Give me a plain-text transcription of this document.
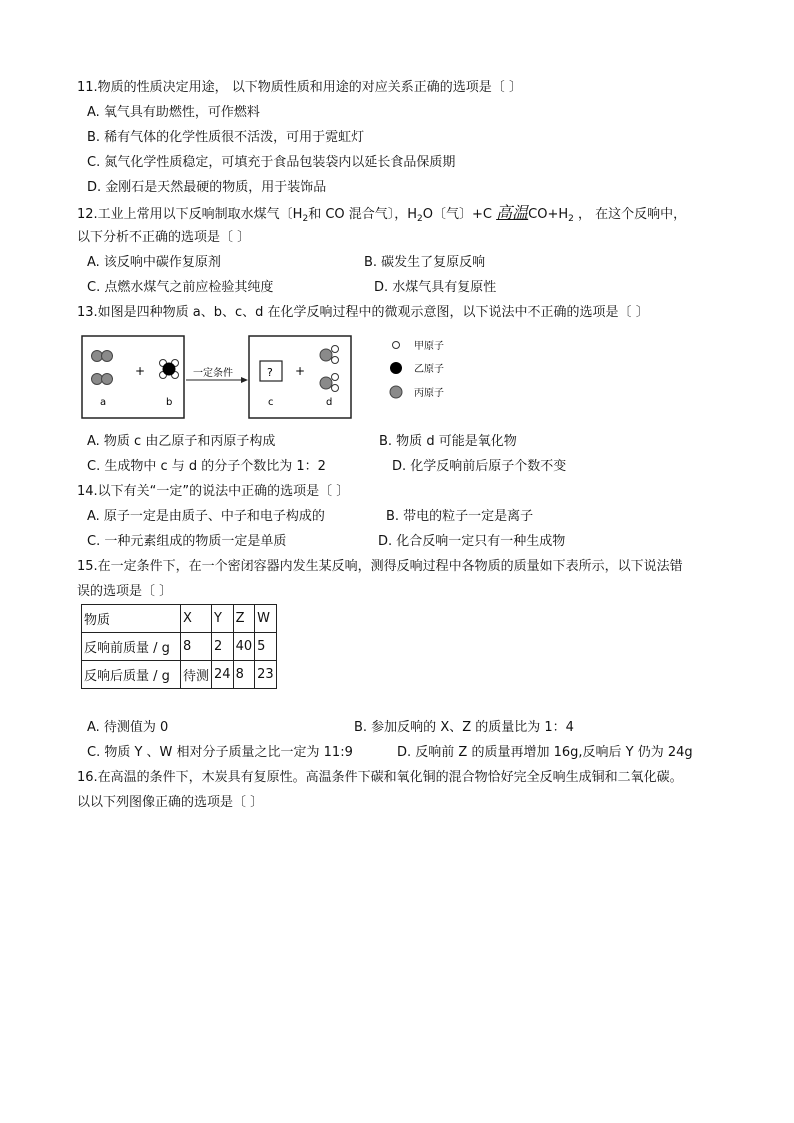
11.物质的性质决定用途， 以下物质性质和用途的对应关系正确的选项是〔 〕
A. 氧气具有助燃性，可作燃料
B. 稀有气体的化学性质很不活泼，可用于霓虹灯
C. 氮气化学性质稳定，可填充于食品包装袋内以延长食品保质期
D. 金刚石是天然最硬的物质，用于装饰品
12.工业上常用以下反响制取水煤气〔$H_2$和 CO 混合气〕，$H_2O$〔气〕+C 高温$CO+H_2$ ， 在这个反响中，
以下分析不正确的选项是〔 〕
A. 该反响中碳作复原剂	B. 碳发生了复原反响
C. 点燃水煤气之前应检验其纯度	D. 水煤气具有复原性
13.如图是四种物质 a、b、c、d 在化学反响过程中的微观示意图，以下说法中不正确的选项是〔 〕
+
a	b
一定条件	? +
c	d
甲原子
乙原子
丙原子
A. 物质 c 由乙原子和丙原子构成	B. 物质 d 可能是氧化物
C. 生成物中 c 与 d 的分子个数比为 1：2	D. 化学反响前后原子个数不变
14.以下有关“一定”的说法中正确的选项是〔 〕
A. 原子一定是由质子、中子和电子构成的	B. 带电的粒子一定是离子
C. 一种元素组成的物质一定是单质	D. 化合反响一定只有一种生成物
15.在一定条件下，在一个密闭容器内发生某反响，测得反响过程中各物质的质量如下表所示，以下说法错
误的选项是〔 〕
物质	X	Y	Z	W
反响前质量 / g	8	2	40	5
反响后质量 / g	待测	24	8	23
A. 待测值为 0	B. 参加反响的 X、Z 的质量比为 1：4
C. 物质 Y 、W 相对分子质量之比一定为 11:9	D. 反响前 Z 的质量再增加 16g,反响后 Y 仍为 24g
16.在高温的条件下，木炭具有复原性。高温条件下碳和氧化铜的混合物恰好完全反响生成铜和二氧化碳。
以以下列图像正确的选项是〔 〕
